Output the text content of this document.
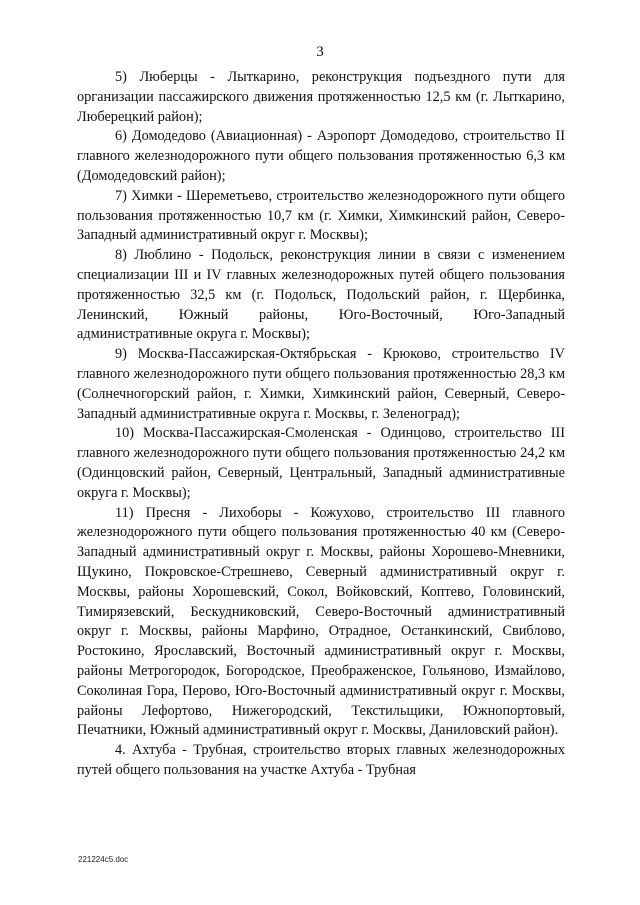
3

5) Люберцы - Лыткарино, реконструкция подъездного пути для организации пассажирского движения протяженностью 12,5 км (г. Лыткарино, Люберецкий район);

6) Домодедово (Авиационная) - Аэропорт Домодедово, строительство II главного железнодорожного пути общего пользования протяженностью 6,3 км (Домодедовский район);

7) Химки - Шереметьево, строительство железнодорожного пути общего пользования протяженностью 10,7 км (г. Химки, Химкинский район, Северо-Западный административный округ г. Москвы);

8) Люблино - Подольск, реконструкция линии в связи с изменением специализации III и IV главных железнодорожных путей общего пользования протяженностью 32,5 км (г. Подольск, Подольский район, г. Щербинка, Ленинский, Южный районы, Юго-Восточный, Юго-Западный административные округа г. Москвы);

9) Москва-Пассажирская-Октябрьская - Крюково, строительство IV главного железнодорожного пути общего пользования протяженностью 28,3 км (Солнечногорский район, г. Химки, Химкинский район, Северный, Северо-Западный административные округа г. Москвы, г. Зеленоград);

10) Москва-Пассажирская-Смоленская - Одинцово, строительство III главного железнодорожного пути общего пользования протяженностью 24,2 км (Одинцовский район, Северный, Центральный, Западный административные округа г. Москвы);

11) Пресня - Лихоборы - Кожухово, строительство III главного железнодорожного пути общего пользования протяженностью 40 км (Северо-Западный административный округ г. Москвы, районы Хорошево-Мневники, Щукино, Покровское-Стрешнево, Северный административный округ г. Москвы, районы Хорошевский, Сокол, Войковский, Коптево, Головинский, Тимирязевский, Бескудниковский, Северо-Восточный административный округ г. Москвы, районы Марфино, Отрадное, Останкинский, Свиблово, Ростокино, Ярославский, Восточный административный округ г. Москвы, районы Метрогородок, Богородское, Преображенское, Гольяново, Измайлово, Соколиная Гора, Перово, Юго-Восточный административный округ г. Москвы, районы Лефортово, Нижегородский, Текстильщики, Южнопортовый, Печатники, Южный административный округ г. Москвы, Даниловский район).

4. Ахтуба - Трубная, строительство вторых главных железнодорожных путей общего пользования на участке Ахтуба - Трубная

221224c5.doc
